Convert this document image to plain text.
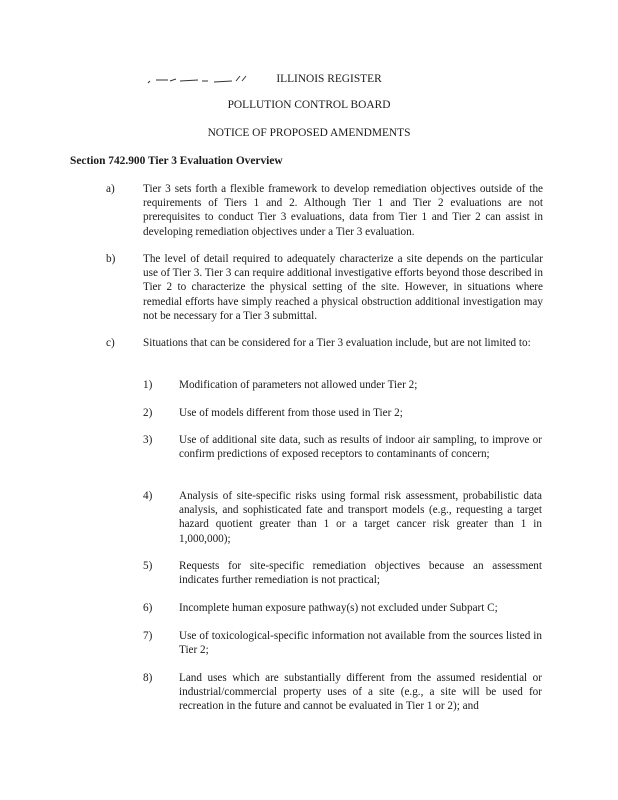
ILLINOIS REGISTER
POLLUTION CONTROL BOARD
NOTICE OF PROPOSED AMENDMENTS
Section 742.900 Tier 3 Evaluation Overview
a)	Tier 3 sets forth a flexible framework to develop remediation objectives outside of the requirements of Tiers 1 and 2. Although Tier 1 and Tier 2 evaluations are not prerequisites to conduct Tier 3 evaluations, data from Tier 1 and Tier 2 can assist in developing remediation objectives under a Tier 3 evaluation.
b)	The level of detail required to adequately characterize a site depends on the particular use of Tier 3. Tier 3 can require additional investigative efforts beyond those described in Tier 2 to characterize the physical setting of the site. However, in situations where remedial efforts have simply reached a physical obstruction additional investigation may not be necessary for a Tier 3 submittal.
c)	Situations that can be considered for a Tier 3 evaluation include, but are not limited to:
1)	Modification of parameters not allowed under Tier 2;
2)	Use of models different from those used in Tier 2;
3)	Use of additional site data, such as results of indoor air sampling, to improve or confirm predictions of exposed receptors to contaminants of concern;
4)	Analysis of site-specific risks using formal risk assessment, probabilistic data analysis, and sophisticated fate and transport models (e.g., requesting a target hazard quotient greater than 1 or a target cancer risk greater than 1 in 1,000,000);
5)	Requests for site-specific remediation objectives because an assessment indicates further remediation is not practical;
6)	Incomplete human exposure pathway(s) not excluded under Subpart C;
7)	Use of toxicological-specific information not available from the sources listed in Tier 2;
8)	Land uses which are substantially different from the assumed residential or industrial/commercial property uses of a site (e.g., a site will be used for recreation in the future and cannot be evaluated in Tier 1 or 2); and
